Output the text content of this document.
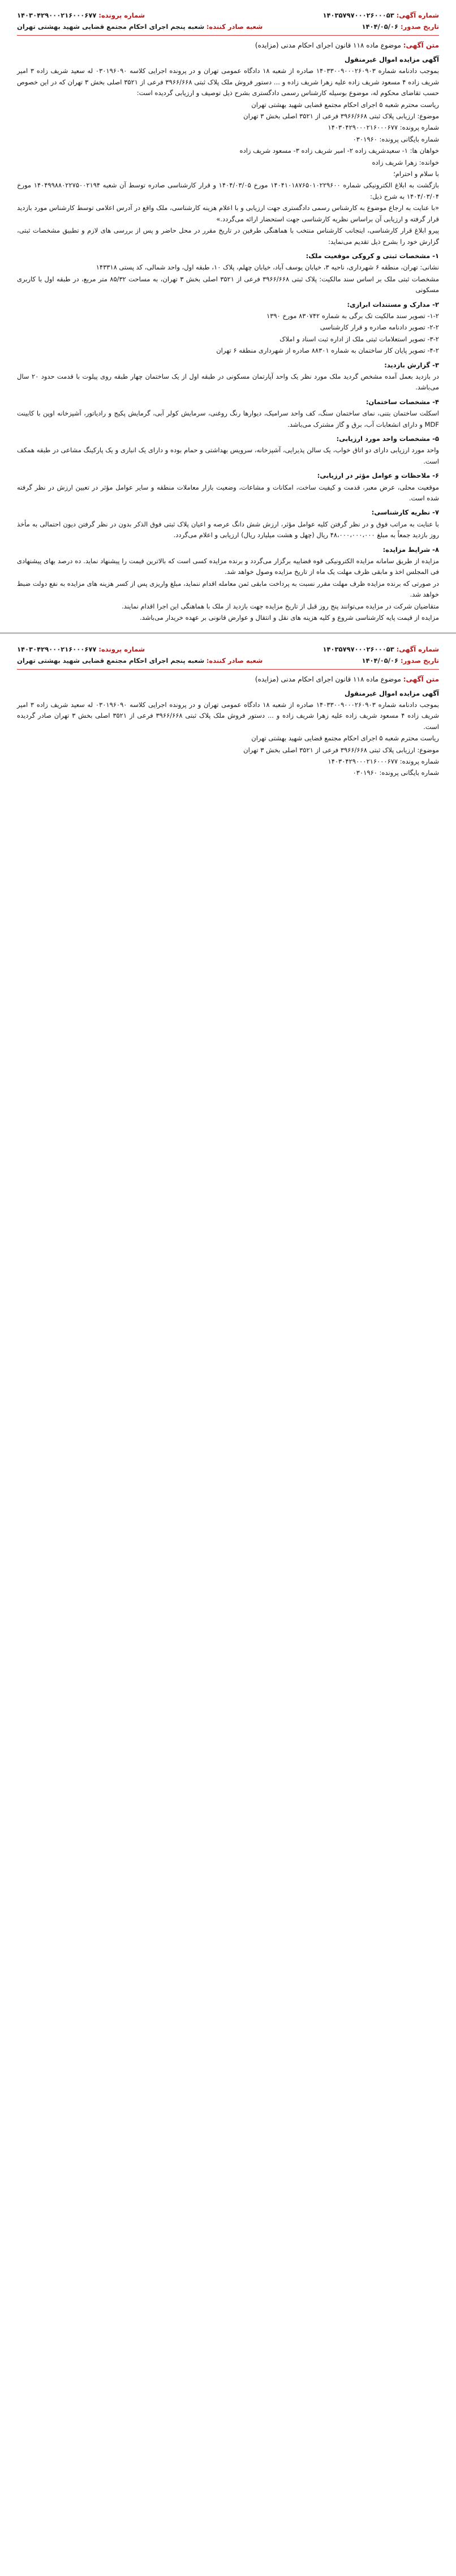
شماره آگهی:۱۴۰۳۵۷۹۷۰۰۰۲۶۰۰۰۵۳
شماره پرونده:۱۴۰۳۰۴۲۹۰۰۰۲۱۶۰۰۰۶۷۷
تاریخ صدور:۱۴۰۴/۰۵/۰۶
شعبه صادر کننده: شعبه پنجم اجرای احکام مجتمع قضایی شهید بهشتی تهران
متن آگهی: موضوع ماده ۱۱۸ قانون اجرای احکام مدنی (مزایده)

آگهی مزایده اموال غیرمنقول

بموجب دادنامه شماره ۱۴۰۳۳۰۰۹۰۰۰۲۶۰۹۰۳ صادره از شعبه ۱۸ دادگاه عمومی تهران و در پرونده اجرایی کلاسه ۰۳۰۱۹۶۰۹۰ له سعید شریف زاده ۳ امیر شریف زاده ۴ مسعود شریف زاده علیه زهرا شریف زاده و ... دستور فروش ملک پلاک ثبتی ۳۹۶۶/۶۶۸ فرعی از ۳۵۲۱ اصلی بخش ۳ تهران که در این خصوص حسب تقاضای محکوم له، موضوع بوسیله کارشناس رسمی دادگستری بشرح ذیل توصیف و ارزیابی گردیده است:

ریاست محترم شعبه ۵ اجرای احکام مجتمع قضایی شهید بهشتی تهران

موضوع: ارزیابی پلاک ثبتی ۳۹۶۶/۶۶۸ فرعی از ۳۵۲۱ اصلی بخش ۳ تهران

شماره پرونده: ۱۴۰۳۰۴۲۹۰۰۰۲۱۶۰۰۰۶۷۷

شماره بایگانی پرونده: ۰۳۰۱۹۶۰

خواهان ها: ۱- سعیدشریف زاده ۲- امیر شریف زاده ۳- مسعود شریف زاده

خوانده: زهرا شریف زاده

با سلام و احترام؛

بازگشت به ابلاغ الکترونیکی شماره ۱۴۰۴۱۰۱۸۷۶۵۰۱۰۲۲۹۶۰۰ مورخ ۱۴۰۴/۰۳/۰۵ و قرار کارشناسی صادره توسط آن شعبه ۱۴۰۴۹۹۸۸۰۲۲۷۵۰۰۲۱۹۴ مورخ ۱۴۰۴/۰۳/۰۴ به شرح ذیل:

«با عنایت به ارجاع موضوع به کارشناس رسمی دادگستری جهت ارزیابی و با اعلام هزینه کارشناسی، ملک واقع در آدرس اعلامی توسط کارشناس مورد بازدید قرار گرفته و ارزیابی آن براساس نظریه کارشناسی جهت استحضار ارائه می‌گردد.»

پیرو ابلاغ قرار کارشناسی، اینجانب کارشناس منتخب با هماهنگی طرفین در تاریخ مقرر در محل حاضر و پس از بررسی های لازم و تطبیق مشخصات ثبتی، گزارش خود را بشرح ذیل تقدیم می‌نماید:

۱- مشخصات ثبتی و کروکی موقعیت ملک:

نشانی: تهران، منطقه ۶ شهرداری، ناحیه ۳، خیابان یوسف آباد، خیابان چهلم، پلاک ۱۰، طبقه اول، واحد شمالی، کد پستی ۱۴۳۳۱۸

مشخصات ثبتی ملک بر اساس سند مالکیت: پلاک ثبتی ۳۹۶۶/۶۶۸ فرعی از ۳۵۲۱ اصلی بخش ۳ تهران، به مساحت ۸۵/۳۲ متر مربع، در طبقه اول با کاربری مسکونی

۲- مدارک و مستندات ابرازی:

۱-۲- تصویر سند مالکیت تک برگی به شماره ۸۳۰۷۴۲ مورخ ۱۳۹۰

۲-۲- تصویر دادنامه صادره و قرار کارشناسی

۳-۲- تصویر استعلامات ثبتی ملک از اداره ثبت اسناد و املاک

۴-۲- تصویر پایان کار ساختمان به شماره ۸۸۳۰۱ صادره از شهرداری منطقه ۶ تهران

۳- گزارش بازدید:

در بازدید بعمل آمده مشخص گردید ملک مورد نظر یک واحد آپارتمان مسکونی در طبقه اول از یک ساختمان چهار طبقه روی پیلوت با قدمت حدود ۲۰ سال می‌باشد.

۴- مشخصات ساختمان:

اسکلت ساختمان بتنی، نمای ساختمان سنگ، کف واحد سرامیک، دیوارها رنگ روغنی، سرمایش کولر آبی، گرمایش پکیج و رادیاتور، آشپزخانه اوپن با کابینت MDF و دارای انشعابات آب، برق و گاز مشترک می‌باشد.

۵- مشخصات واحد مورد ارزیابی:

واحد مورد ارزیابی دارای دو اتاق خواب، یک سالن پذیرایی، آشپزخانه، سرویس بهداشتی و حمام بوده و دارای یک انباری و یک پارکینگ مشاعی در طبقه همکف است.

۶- ملاحظات و عوامل مؤثر در ارزیابی:

موقعیت محلی، عرض معبر، قدمت و کیفیت ساخت، امکانات و مشاعات، وضعیت بازار معاملات منطقه و سایر عوامل مؤثر در تعیین ارزش در نظر گرفته شده است.

۷- نظریه کارشناسی:

با عنایت به مراتب فوق و در نظر گرفتن کلیه عوامل مؤثر، ارزش شش دانگ عرصه و اعیان پلاک ثبتی فوق الذکر بدون در نظر گرفتن دیون احتمالی به مأخذ روز بازدید جمعاً به مبلغ ۴۸،۰۰۰،۰۰۰،۰۰۰ ریال (چهل و هشت میلیارد ریال) ارزیابی و اعلام می‌گردد.

۸- شرایط مزایده:

مزایده از طریق سامانه مزایده الکترونیکی قوه قضاییه برگزار می‌گردد و برنده مزایده کسی است که بالاترین قیمت را پیشنهاد نماید. ده درصد بهای پیشنهادی فی المجلس اخذ و مابقی ظرف مهلت یک ماه از تاریخ مزایده وصول خواهد شد.

در صورتی که برنده مزایده ظرف مهلت مقرر نسبت به پرداخت مابقی ثمن معامله اقدام ننماید، مبلغ واریزی پس از کسر هزینه های مزایده به نفع دولت ضبط خواهد شد.

متقاضیان شرکت در مزایده می‌توانند پنج روز قبل از تاریخ مزایده جهت بازدید از ملک با هماهنگی این اجرا اقدام نمایند.

مزایده از قیمت پایه کارشناسی شروع و کلیه هزینه های نقل و انتقال و عوارض قانونی بر عهده خریدار می‌باشد.

شماره آگهی:۱۴۰۳۵۷۹۷۰۰۰۲۶۰۰۰۵۳
شماره پرونده:۱۴۰۳۰۴۲۹۰۰۰۲۱۶۰۰۰۶۷۷
تاریخ صدور:۱۴۰۴/۰۵/۰۶
شعبه صادر کننده: شعبه پنجم اجرای احکام مجتمع قضایی شهید بهشتی تهران
متن آگهی: موضوع ماده ۱۱۸ قانون اجرای احکام مدنی (مزایده)

آگهی مزایده اموال غیرمنقول

بموجب دادنامه شماره ۱۴۰۳۳۰۰۹۰۰۰۲۶۰۹۰۳ صادره از شعبه ۱۸ دادگاه عمومی تهران و در پرونده اجرایی کلاسه ۰۳۰۱۹۶۰۹۰ له سعید شریف زاده ۳ امیر شریف زاده ۴ مسعود شریف زاده علیه زهرا شریف زاده و ... دستور فروش ملک پلاک ثبتی ۳۹۶۶/۶۶۸ فرعی از ۳۵۲۱ اصلی بخش ۳ تهران صادر گردیده است.

ریاست محترم شعبه ۵ اجرای احکام مجتمع قضایی شهید بهشتی تهران

موضوع: ارزیابی پلاک ثبتی ۳۹۶۶/۶۶۸ فرعی از ۳۵۲۱ اصلی بخش ۳ تهران

شماره پرونده: ۱۴۰۳۰۴۲۹۰۰۰۲۱۶۰۰۰۶۷۷

شماره بایگانی پرونده: ۰۳۰۱۹۶۰
